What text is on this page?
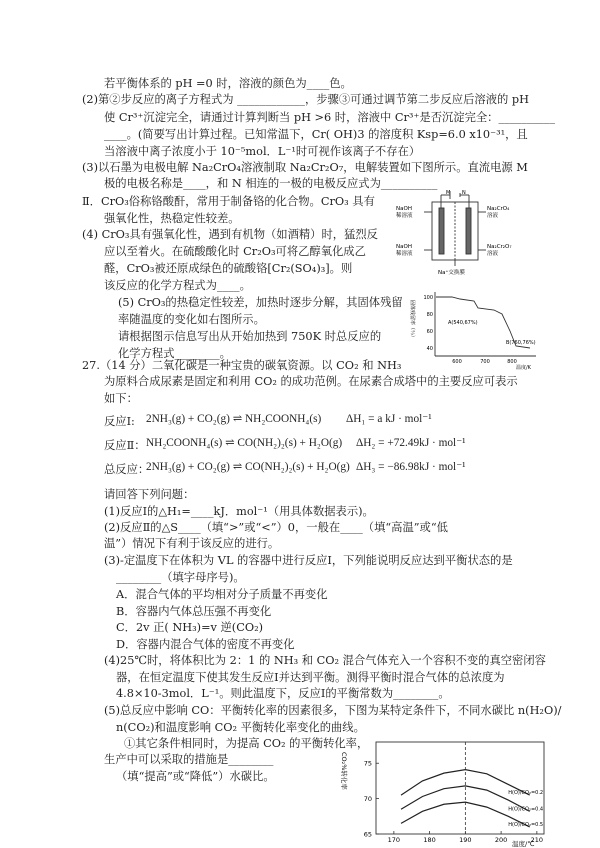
若平衡体系的 pH =0 时，溶液的颜色为____色。
(2)第②步反应的离子方程式为 ____________，步骤③可通过调节第二步反应后溶液的 pH
使 Cr³⁺沉淀完全，请通过计算判断当 pH >6 时，溶液中 Cr³⁺是否沉淀完全：__________
____。(简要写出计算过程。已知常温下，Cr( OH)3 的溶度积 Ksp=6.0 x10⁻³¹，且
当溶液中离子浓度小于 10⁻⁵mol．L⁻¹时可视作该离子不存在）
(3)以石墨为电极电解 Na₂CrO₄溶液制取 Na₂Cr₂O₇，电解装置如下图所示。直流电源 M
极的电极名称是____，和 N 相连的一极的电极反应式为__________
Ⅱ．CrO₃俗称铬酸酐，常用于制备铬的化合物。CrO₃ 具有
强氧化性，热稳定性较差。
(4) CrO₃具有强氧化性，遇到有机物（如酒精）时，猛烈反
应以至着火。在硫酸酸化时 Cr₂O₃可将乙醇氧化成乙
醛，CrO₃被还原成绿色的硫酸铬[Cr₂(SO₄)₃]。则
该反应的化学方程式为____。
(5) CrO₃的热稳定性较差，加热时逐步分解，其固体残留
率随温度的变化如右图所示。
请根据图示信息写出从开始加热到 750K 时总反应的
化学方程式________。
M N
NaOH
稀溶液
NaOH
稀溶液
Na₂CrO₄
溶液
Na₂Cr₂O₇
溶液
Na⁺交换膜
固体残留率（％）
100
80
60
40
A(540,67%)
B(760,76%)
600	700	800
温度/K
27.（14 分）二氧化碳是一种宝贵的碳氧资源。以 CO₂ 和 NH₃
为原料合成尿素是固定和利用 CO₂ 的成功范例。在尿素合成塔中的主要反应可表示
如下：
反应Ⅰ: 2NH₃(g) + CO₂(g) ⇌ NH₂COONH₄(s) ΔH₁ = a kJ · mol⁻¹
反应Ⅱ： NH₂COONH₄(s) ⇌ CO(NH₂)₂(s) + H₂O(g) ΔH₂ = +72.49kJ · mol⁻¹
总反应：
2NH₃(g) + CO₂(g) ⇌ CO(NH₂)₂(s) + H₂O(g) ΔH₃ = −86.98kJ · mol⁻¹
请回答下列问题：
(1)反应Ⅰ的△H₁=____kJ．mol⁻¹（用具体数据表示)。
(2)反应Ⅱ的△S____（填“>”或“<”）0，一般在____（填“高温”或“低
温”）情况下有利于该反应的进行。
(3)-定温度下在体积为 VL 的容器中进行反应Ⅰ，下列能说明反应达到平衡状态的是
________（填字母序号)。
A．混合气体的平均相对分子质量不再变化
B．容器内气体总压强不再变化
C．2v 正( NH₃)=v 逆(CO₂)
D．容器内混合气体的密度不再变化
(4)25℃时，将体积比为 2：1 的 NH₃ 和 CO₂ 混合气体充入一个容积不变的真空密闭容
器，在恒定温度下使其发生反应Ⅰ并达到平衡。测得平衡时混合气体的总浓度为
4.8×10-3mol．L⁻¹。则此温度下，反应Ⅰ的平衡常数为________。
(5)总反应中影响 CO：平衡转化率的因素很多，下图为某特定条件下，不同水碳比 n(H₂O)/
n(CO₂)和温度影响 CO₂ 平衡转化率变化的曲线。
①其它条件相同时，为提高 CO₂ 的平衡转化率，
生产中可以采取的措施是________
（填“提高”或“降低”）水碳比。	CO₂%转化率
65
70
75
170	180	190	200	210
H(O)/CO₂=0.2
H(O)/CO₂=0.4
H(O)/CO₂=0.5
温度/℃
